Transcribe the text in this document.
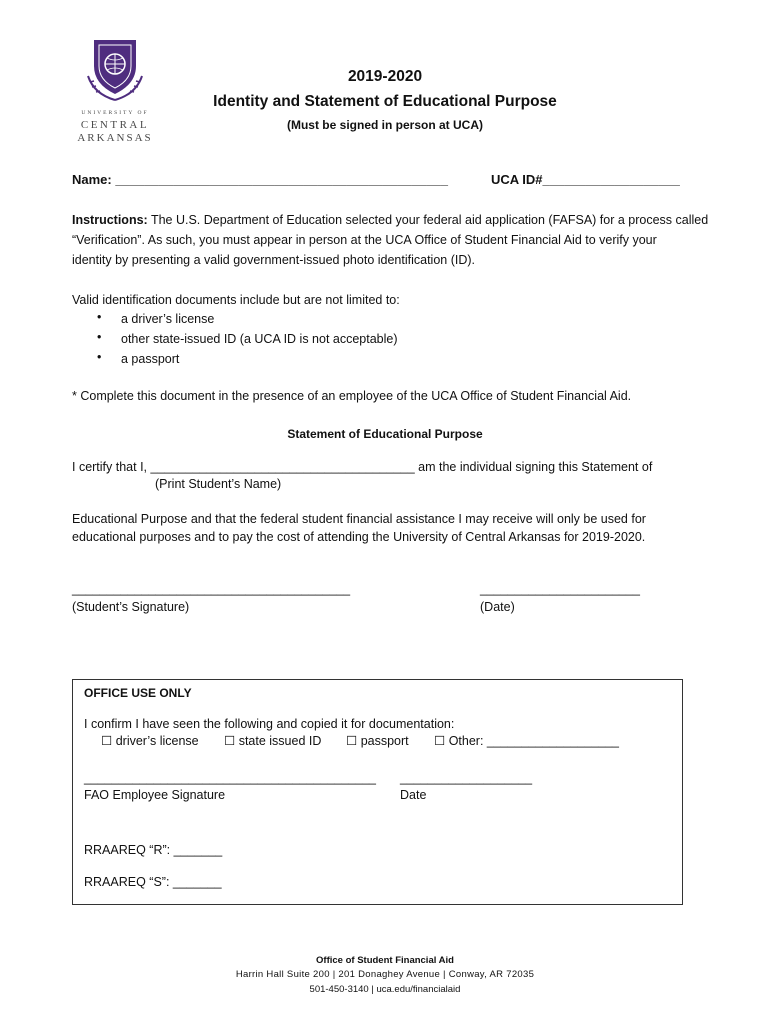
UNIVERSITY OF
CENTRAL
ARKANSAS
2019-2020
Identity and Statement of Educational Purpose
(Must be signed in person at UCA)
Name: ______________________________________________	UCA ID#___________________
Instructions: The U.S. Department of Education selected your federal aid application (FAFSA) for a process called
“Verification”. As such, you must appear in person at the UCA Office of Student Financial Aid to verify your
identity by presenting a valid government-issued photo identification (ID).
Valid identification documents include but are not limited to:
• a driver’s license
• other state-issued ID (a UCA ID is not acceptable)
• a passport
* Complete this document in the presence of an employee of the UCA Office of Student Financial Aid.
Statement of Educational Purpose
I certify that I, ______________________________________ am the individual signing this Statement of
(Print Student’s Name)
Educational Purpose and that the federal student financial assistance I may receive will only be used for
educational purposes and to pay the cost of attending the University of Central Arkansas for 2019-2020.
________________________________________
(Student’s Signature)
_______________________
(Date)
OFFICE USE ONLY
I confirm I have seen the following and copied it for documentation:
☐ driver’s license ☐ state issued ID ☐ passport ☐ Other: ___________________
__________________________________________
FAO Employee Signature
___________________
Date
RRAAREQ “R”: _______
RRAAREQ “S”: _______
Office of Student Financial Aid
Harrin Hall Suite 200 | 201 Donaghey Avenue | Conway, AR 72035
501-450-3140 | uca.edu/financialaid
